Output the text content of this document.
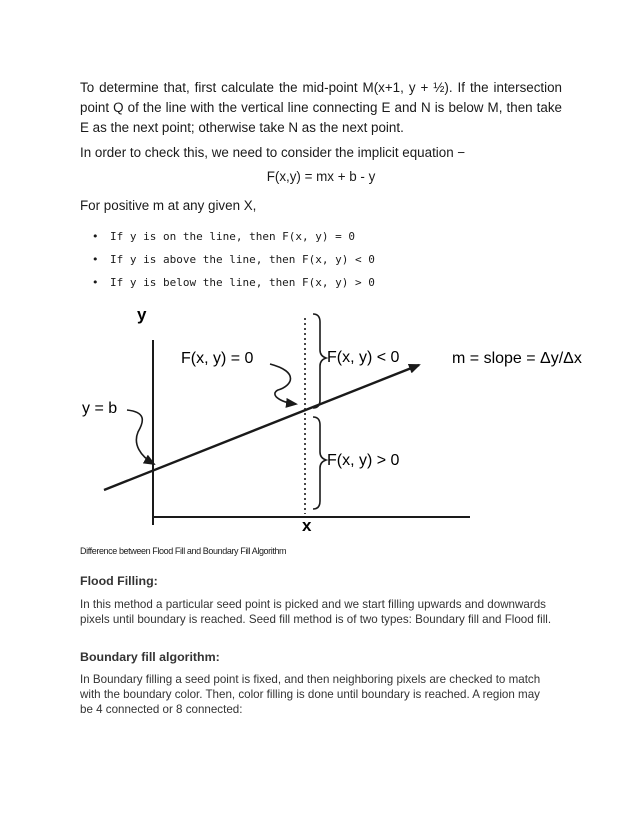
To determine that, first calculate the mid-point M(x+1, y + ½). If the intersection point Q of the line with the vertical line connecting E and N is below M, then take E as the next point; otherwise take N as the next point.

In order to check this, we need to consider the implicit equation −

F(x,y) = mx + b - y

For positive m at any given X,

• If y is on the line, then F(x, y) = 0
• If y is above the line, then F(x, y) < 0
• If y is below the line, then F(x, y) > 0
y
x
F(x, y) = 0	F(x, y) < 0
F(x, y) > 0
y = b
m = slope = Δy/Δx

Difference between Flood Fill and Boundary Fill Algorithm

Flood Filling:

In this method a particular seed point is picked and we start filling upwards and downwards pixels until boundary is reached. Seed fill method is of two types: Boundary fill and Flood fill.

Boundary fill algorithm:

In Boundary filling a seed point is fixed, and then neighboring pixels are checked to match with the boundary color. Then, color filling is done until boundary is reached. A region may be 4 connected or 8 connected:
